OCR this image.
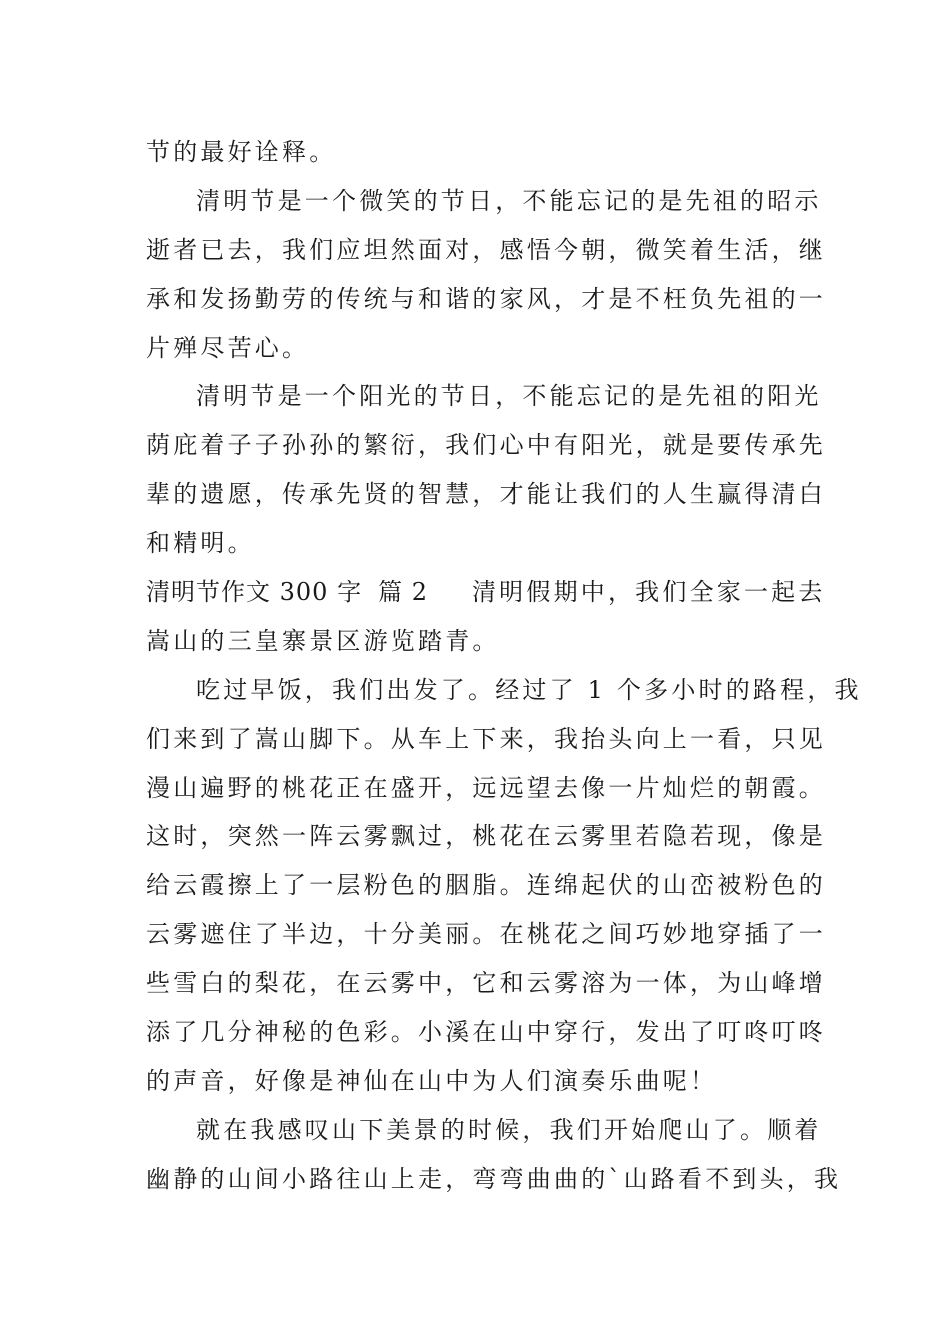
节的最好诠释。
清明节是一个微笑的节日，不能忘记的是先祖的昭示
逝者已去，我们应坦然面对，感悟今朝，微笑着生活，继
承和发扬勤劳的传统与和谐的家风，才是不枉负先祖的一
片殚尽苦心。
清明节是一个阳光的节日，不能忘记的是先祖的阳光
荫庇着子子孙孙的繁衍，我们心中有阳光，就是要传承先
辈的遗愿，传承先贤的智慧，才能让我们的人生赢得清白
和精明。
清明节作文 300 字 篇 2 清明假期中，我们全家一起去
嵩山的三皇寨景区游览踏青。
吃过早饭，我们出发了。经过了 1 个多小时的路程，我
们来到了嵩山脚下。从车上下来，我抬头向上一看，只见
漫山遍野的桃花正在盛开，远远望去像一片灿烂的朝霞。
这时，突然一阵云雾飘过，桃花在云雾里若隐若现，像是
给云霞擦上了一层粉色的胭脂。连绵起伏的山峦被粉色的
云雾遮住了半边，十分美丽。在桃花之间巧妙地穿插了一
些雪白的梨花，在云雾中，它和云雾溶为一体，为山峰增
添了几分神秘的色彩。小溪在山中穿行，发出了叮咚叮咚
的声音，好像是神仙在山中为人们演奏乐曲呢！
就在我感叹山下美景的时候，我们开始爬山了。顺着
幽静的山间小路往山上走，弯弯曲曲的`山路看不到头，我
